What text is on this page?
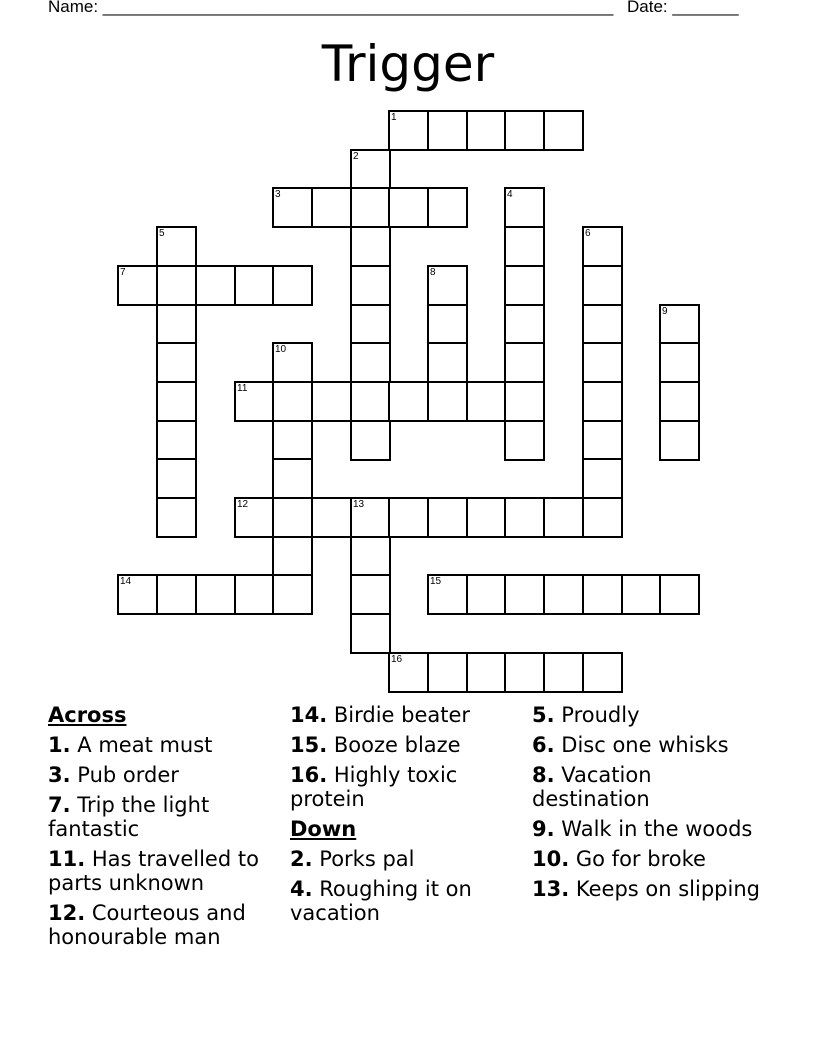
Name: ______________________________________________________ Date: _______
Trigger
1
2
3	4
5	6
7	8
9
10
11
12	13
14	15
16
Across
1. A meat must
3. Pub order
7. Trip the light fantastic
11. Has travelled to parts unknown
12. Courteous and honourable man
14. Birdie beater
15. Booze blaze
16. Highly toxic protein
Down
2. Porks pal
4. Roughing it on vacation
5. Proudly
6. Disc one whisks
8. Vacation destination
9. Walk in the woods
10. Go for broke
13. Keeps on slipping
